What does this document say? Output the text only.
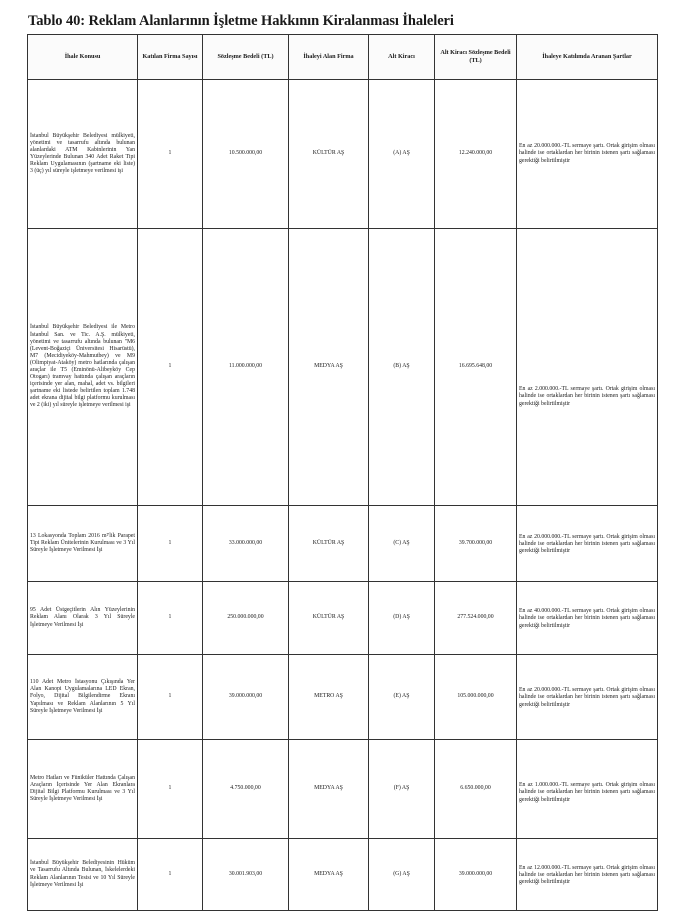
Tablo 40: Reklam Alanlarının İşletme Hakkının Kiralanması İhaleleri
İhale Konusu	Katılan Firma Sayısı	Sözleşme Bedeli (TL)	İhaleyi Alan Firma	Alt Kiracı	Alt Kiracı Sözleşme Bedeli (TL)	İhaleye Katılımda Aranan Şartlar
İstanbul Büyükşehir Belediyesi mülkiyeti, yönetimi ve tasarrufu altında bulunan alanlardaki ATM Kabinlerinin Yan Yüzeylerinde Bulunan 340 Adet Raket Tipi Reklam Uygulamasının (şartname eki liste) 3 (üç) yıl süreyle işletmeye verilmesi işi	1	10.500.000,00	KÜLTÜR AŞ	(A) AŞ	12.240.000,00	En az 20.000.000.-TL sermaye şartı. Ortak girişim olması halinde ise ortaklardan her birinin istenen şartı sağlaması gerektiği belirtilmiştir
İstanbul Büyükşehir Belediyesi ile Metro İstanbul San. ve Tic. A.Ş. mülkiyeti, yönetimi ve tasarrufu altında bulunan "M6 (Levent-Boğaziçi Üniversitesi Hisarüstü), M7 (Mecidiyeköy-Mahmutbey) ve M9 (Olimpiyat-Ataköy) metro hatlarında çalışan araçlar ile T5 (Eminönü-Alibeyköy Cep Otogarı) tramvay hattında çalışan araçların içerisinde yer alan, mahal, adet vs. bilgileri şartname eki listede belirtilen toplam 1.748 adet ekrana dijital bilgi platformu kurulması ve 2 (iki) yıl süreyle işletmeye verilmesi işi	1	11.000.000,00	MEDYA AŞ	(B) AŞ	16.695.648,00	En az 2.000.000.-TL sermaye şartı. Ortak girişim olması halinde ise ortaklardan her birinin istenen şartı sağlaması gerektiği belirtilmiştir
13 Lokasyonda Toplam 2016 m²'lik Parapet Tipi Reklam Ünitelerinin Kurulması ve 3 Yıl Süreyle İşletmeye Verilmesi İşi	1	33.000.000,00	KÜLTÜR AŞ	(C) AŞ	39.700.000,00	En az 20.000.000.-TL sermaye şartı. Ortak girişim olması halinde ise ortaklardan her birinin istenen şartı sağlaması gerektiği belirtilmiştir
95 Adet Üstgeçitlerin Alın Yüzeylerinin Reklam Alanı Olarak 3 Yıl Süreyle İşletmeye Verilmesi İşi	1	250.000.000,00	KÜLTÜR AŞ	(D) AŞ	277.524.000,00	En az 40.000.000.-TL sermaye şartı. Ortak girişim olması halinde ise ortaklardan her birinin istenen şartı sağlaması gerektiği belirtilmiştir
110 Adet Metro İstasyonu Çıkışında Yer Alan Kanopi Uygulamalarına LED Ekran, Folyo, Dijital Bilgilendirme Ekranı Yapılması ve Reklam Alanlarının 5 Yıl Süreyle İşletmeye Verilmesi İşi	1	39.000.000,00	METRO AŞ	(E) AŞ	105.000.000,00	En az 20.000.000.-TL sermaye şartı. Ortak girişim olması halinde ise ortaklardan her birinin istenen şartı sağlaması gerektiği belirtilmiştir
Metro Hatları ve Füniküler Hattında Çalışan Araçların İçerisinde Yer Alan Ekranlara Dijital Bilgi Platformu Kurulması ve 3 Yıl Süreyle İşletmeye Verilmesi İşi	1	4.750.000,00	MEDYA AŞ	(F) AŞ	6.650.000,00	En az 1.000.000.-TL sermaye şartı. Ortak girişim olması halinde ise ortaklardan her birinin istenen şartı sağlaması gerektiği belirtilmiştir
İstanbul Büyükşehir Belediyesinin Hüküm ve Tasarrufu Altında Bulunan, İskelelerdeki Reklam Alanlarının Tesisi ve 10 Yıl Süreyle İşletmeye Verilmesi İşi	1	30.001.903,00	MEDYA AŞ	(G) AŞ	39.000.000,00	En az 12.000.000.-TL sermaye şartı. Ortak girişim olması halinde ise ortaklardan her birinin istenen şartı sağlaması gerektiği belirtilmiştir
